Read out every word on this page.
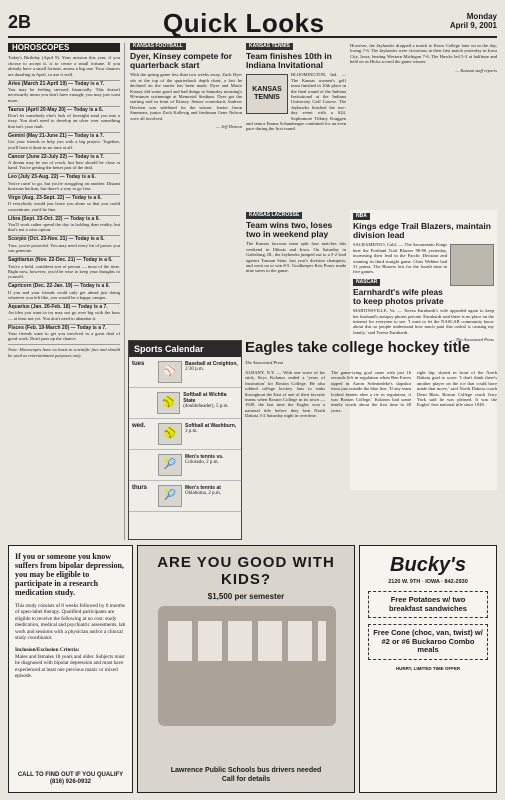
2B	Quick Looks	Monday
April 9, 2001
HOROSCOPES
Today's Birthday (April 9). Your mission this year, if you choose to accept it, is to create a small fortune. If you already have a small fortune, amass a big one. Your chances are dazzling in April, so use it well.
Aries (March 21-April 19) — Today is a 7.
You may be feeling stressed financially. This doesn't necessarily mean you don't have enough; you may just want more.
Taurus (April 20-May 20) — Today is a 6.
Don't let somebody else's lack of foresight send you into a tizzy. You don't need to develop an ulcer over something that isn't your fault.
Gemini (May 21-June 21) — Today is a 7.
Get your friends to help you with a big project. Together, you'll have it done in no time at all.
Cancer (June 22-July 22) — Today is a 7.
A dream may be out of reach, but how should be close at hand. You're getting the better part of the deal.
Leo (July 23-Aug. 22) — Today is a 6.
You're rarin' to go, but you're struggling on another. Distant horizons beckon, but there's a way to go first.
Virgo (Aug. 23-Sept. 22) — Today is a 6.
If everybody would just leave you alone so that you could concentrate, you'd be fine.
Libra (Sept. 23-Oct. 22) — Today is a 6.
You'll work rather spend the day in holding than reality, but that's not a wise option.
Scorpio (Oct. 23-Nov. 21) — Today is a 6.
True, you're powerful. You may need every bit of power you can generate.
Sagittarius (Nov. 22-Dec. 21) — Today is a 6.
You're a bold, confident sort of person — most of the time. Right now, however, you'd be wise to keep your thoughts to yourself.
Capricorn (Dec. 22-Jan. 19) — Today is a 6.
If you and your friends could only get ahead just doing whatever you felt like, you would be a happy camper.
Aquarius (Jan. 20-Feb. 18) — Today is a 7.
An idea you want to try may not go over big with the boss — at least not yet. You don't need to abandon it.
Pisces (Feb. 19-March 20) — Today is a 7.
Your friends want to get you involved in a great deal of good work. Don't pass up the chance.
Note: Horoscopes have no basis in scientific fact and should be used as entertainment purposes only.
KANSAS FOOTBALL
Dyer, Kinsey compete for quarterback start
With the spring game less than two weeks away, Zach Dyer sits at the top of the quarterback depth chart, a fact he declined on the starter has been made. Dyer and Mario Kinsey did some good and bad things in Saturday morning's 90-minute scrimmage at Memorial Stadium. Dyer got the starting nod in front of Kinsey. Senior cornerback Andrew Davison was sidelined for the season. Junior Jason Simmons, junior Zach Kallevig and freshman Gene Nelson were all involved.
— Jeff Denton
KANSAS TENNIS
Team finishes 10th in Indiana Invitational
KANSAS TENNIS
BLOOMINGTON, Ind. — The Kansas women's golf team finished in 10th place in the final round of the Indiana Invitational at the Indiana University Golf Course. The Jayhawks finished the two-day event with a 624. Sophomore Tiffany Kraggen and senior Emma Schamberger combined for an even pace during the first round.
KANSAS LACROSSE
Team wins two, loses two in weekend play
The Kansas lacrosse team split four matches this weekend in Illinois and Iowa. On Saturday in Galesburg, Ill., the Jayhawks jumped out to a 5-2 lead against Truman State, last year's division champion, and went on to win 8-5. Goalkeeper Kris Posey made nine saves in the game.
However, the Jayhawks dropped a match to Knox College later on in the day, losing 7-6. The Jayhawks were victorious in their first match yesterday in Iowa City, Iowa, beating Western Michigan 7-6. The Hawks led 5-3 at halftime and held on as Hicks scored the game winner.
— Kansan staff reports
NBA
Kings edge Trail Blazers, maintain division lead
SACRAMENTO, Calif. — The Sacramento Kings beat the Portland Trail Blazers 98-96 yesterday, increasing their lead in the Pacific Division and winning its third straight game. Chris Webber had 31 points. The Blazers lost for the fourth time in five games.
NASCAR
Earnhardt's wife pleas to keep photos private
MARTINSVILLE, Va. — Teresa Earnhardt's wife appealed again to keep her husband's autopsy photos private. Earnhardt said there is no place on the internet for everyone to see. 'I want to let the NASCAR community know about this so people understand how much pain this ordeal is causing my family,' said Teresa Earnhardt.
— The Associated Press
Sports Calendar
tues
⚾
Baseball at Creighton,
2:30 p.m.
🥎
Softball at Wichita State
(doubleheader), 5 p.m.
wed.
🥎
Softball at Washburn,
3 p.m.
🎾
Men's tennis vs.
Colorado, 2 p.m.
thurs
🎾
Men's tennis at
Oklahoma, 2 p.m.
Eagles take college hockey title
The Associated Press
ALBANY, N.Y. — With one wave of his stick, Krys Kolanos ended a 'years of frustration' for Boston College. He also robbed college hockey fans to rinks throughout the East of one of their favorite teams when Boston College in its town — 1949, the last time the Eagles won a national title before they beat North Dakota 3-2 Saturday night in overtime.
The game-tying goal came with just 16 seconds left in regulation when Ben Eaves tipped in Aaron Schmiedeke's slapshot from just outside the blue line. 'If any team looked beaten after a tie in regulation, it was Boston College.' Kolanos had some timely words about the first time in 48 years.
right hip, skated in front of the North Dakota goal to score. 'I don't think there's another player on the ice that could have made that move,' said North Dakota coach Dean Blais. Boston College coach Jerry York said he was pleased. It was the Eagles' first national title since 1949.
If you or someone you know suffers from bipolar depression, you may be eligible to participate in a research medication study.
This study consists of 8 weeks followed by 6 months of open-label therapy. Qualified participants are eligible to receive the following at no cost: study medication, medical and psychiatric assessments, lab work and sessions with a physician and/or a clinical study coordinator.
Inclusion/Exclusion Criteria:
Males and females 18 years and older. Subjects must be diagnosed with bipolar depression and must have experienced at least one previous manic or mixed episode.
CALL TO FIND OUT IF YOU QUALIFY
(816) 926-0932
ARE YOU GOOD WITH KIDS?
$1,500 per semester
Lawrence Public Schools bus drivers needed
Call for details
Bucky's
2120 W. 9TH · IOWA · 842-2930
Free Potatoes w/ two breakfast sandwiches
Free Cone (choc, van, twist) w/ #2 or #6 Buckaroo Combo meals
HURRY, LIMITED TIME OFFER
